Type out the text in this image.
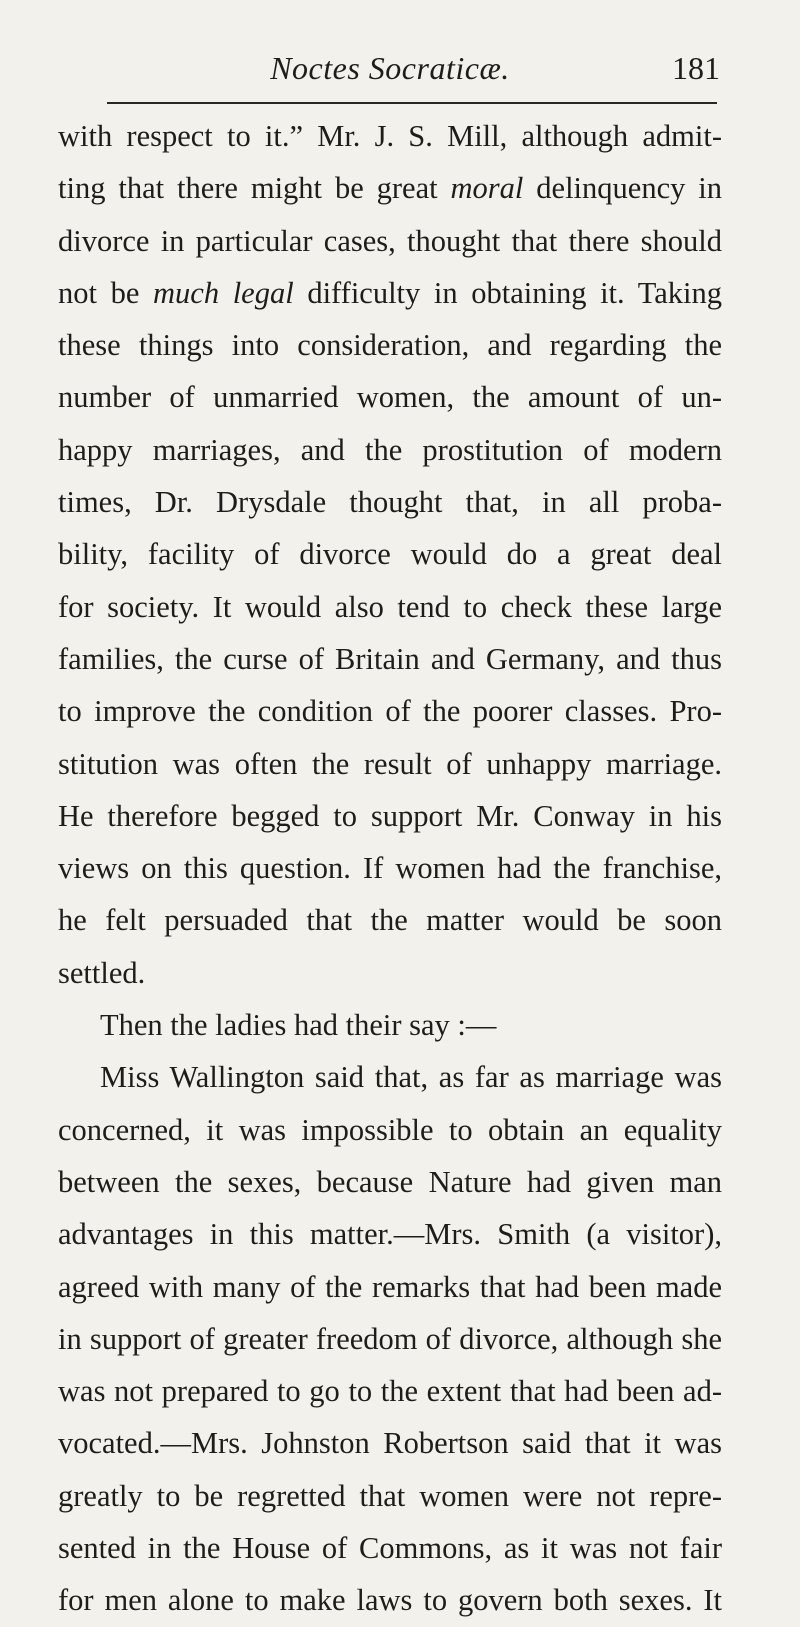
Noctes Socraticæ.	181
with respect to it.” Mr. J. S. Mill, although admit-
ting that there might be great moral delinquency in
divorce in particular cases, thought that there should
not be much legal difficulty in obtaining it. Taking
these things into consideration, and regarding the
number of unmarried women, the amount of un-
happy marriages, and the prostitution of modern
times, Dr. Drysdale thought that, in all proba-
bility, facility of divorce would do a great deal
for society. It would also tend to check these large
families, the curse of Britain and Germany, and thus
to improve the condition of the poorer classes. Pro-
stitution was often the result of unhappy marriage.
He therefore begged to support Mr. Conway in his
views on this question. If women had the franchise,
he felt persuaded that the matter would be soon
settled.
Then the ladies had their say :—
Miss Wallington said that, as far as marriage was
concerned, it was impossible to obtain an equality
between the sexes, because Nature had given man
advantages in this matter.—Mrs. Smith (a visitor),
agreed with many of the remarks that had been made
in support of greater freedom of divorce, although she
was not prepared to go to the extent that had been ad-
vocated.—Mrs. Johnston Robertson said that it was
greatly to be regretted that women were not repre-
sented in the House of Commons, as it was not fair
for men alone to make laws to govern both sexes. It
